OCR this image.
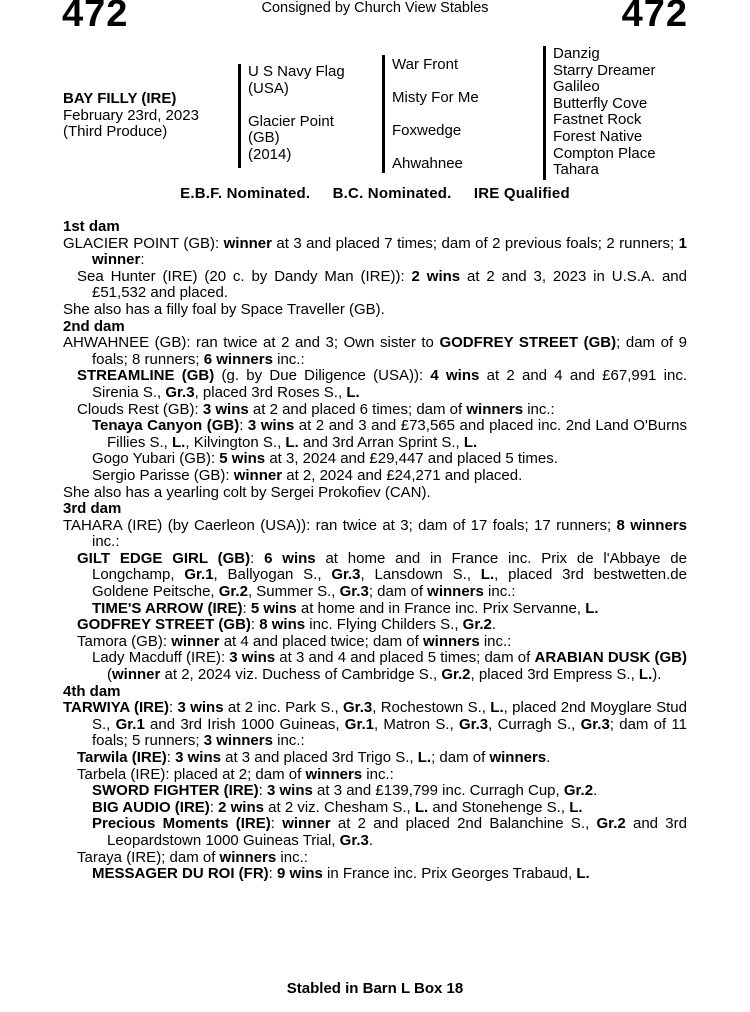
472	Consigned by Church View Stables	472
BAY FILLY (IRE)
February 23rd, 2023
(Third Produce)
U S Navy Flag
(USA)
Glacier Point
(GB)
(2014)
War Front
Misty For Me
Foxwedge
Ahwahnee
Danzig
Starry Dreamer
Galileo
Butterfly Cove
Fastnet Rock
Forest Native
Compton Place
Tahara
E.B.F. Nominated. B.C. Nominated. IRE Qualified
1st dam
GLACIER POINT (GB): winner at 3 and placed 7 times; dam of 2 previous foals; 2 runners; 1 winner:
Sea Hunter (IRE) (20 c. by Dandy Man (IRE)): 2 wins at 2 and 3, 2023 in U.S.A. and £51,532 and placed.
She also has a filly foal by Space Traveller (GB).
2nd dam
AHWAHNEE (GB): ran twice at 2 and 3; Own sister to GODFREY STREET (GB); dam of 9 foals; 8 runners; 6 winners inc.:
STREAMLINE (GB) (g. by Due Diligence (USA)): 4 wins at 2 and 4 and £67,991 inc. Sirenia S., Gr.3, placed 3rd Roses S., L.
Clouds Rest (GB): 3 wins at 2 and placed 6 times; dam of winners inc.:
Tenaya Canyon (GB): 3 wins at 2 and 3 and £73,565 and placed inc. 2nd Land O'Burns Fillies S., L., Kilvington S., L. and 3rd Arran Sprint S., L.
Gogo Yubari (GB): 5 wins at 3, 2024 and £29,447 and placed 5 times.
Sergio Parisse (GB): winner at 2, 2024 and £24,271 and placed.
She also has a yearling colt by Sergei Prokofiev (CAN).
3rd dam
TAHARA (IRE) (by Caerleon (USA)): ran twice at 3; dam of 17 foals; 17 runners; 8 winners inc.:
GILT EDGE GIRL (GB): 6 wins at home and in France inc. Prix de l'Abbaye de Longchamp, Gr.1, Ballyogan S., Gr.3, Lansdown S., L., placed 3rd bestwetten.de Goldene Peitsche, Gr.2, Summer S., Gr.3; dam of winners inc.:
TIME'S ARROW (IRE): 5 wins at home and in France inc. Prix Servanne, L.
GODFREY STREET (GB): 8 wins inc. Flying Childers S., Gr.2.
Tamora (GB): winner at 4 and placed twice; dam of winners inc.:
Lady Macduff (IRE): 3 wins at 3 and 4 and placed 5 times; dam of ARABIAN DUSK (GB) (winner at 2, 2024 viz. Duchess of Cambridge S., Gr.2, placed 3rd Empress S., L.).
4th dam
TARWIYA (IRE): 3 wins at 2 inc. Park S., Gr.3, Rochestown S., L., placed 2nd Moyglare Stud S., Gr.1 and 3rd Irish 1000 Guineas, Gr.1, Matron S., Gr.3, Curragh S., Gr.3; dam of 11 foals; 5 runners; 3 winners inc.:
Tarwila (IRE): 3 wins at 3 and placed 3rd Trigo S., L.; dam of winners.
Tarbela (IRE): placed at 2; dam of winners inc.:
SWORD FIGHTER (IRE): 3 wins at 3 and £139,799 inc. Curragh Cup, Gr.2.
BIG AUDIO (IRE): 2 wins at 2 viz. Chesham S., L. and Stonehenge S., L.
Precious Moments (IRE): winner at 2 and placed 2nd Balanchine S., Gr.2 and 3rd Leopardstown 1000 Guineas Trial, Gr.3.
Taraya (IRE); dam of winners inc.:
MESSAGER DU ROI (FR): 9 wins in France inc. Prix Georges Trabaud, L.
Stabled in Barn L Box 18
